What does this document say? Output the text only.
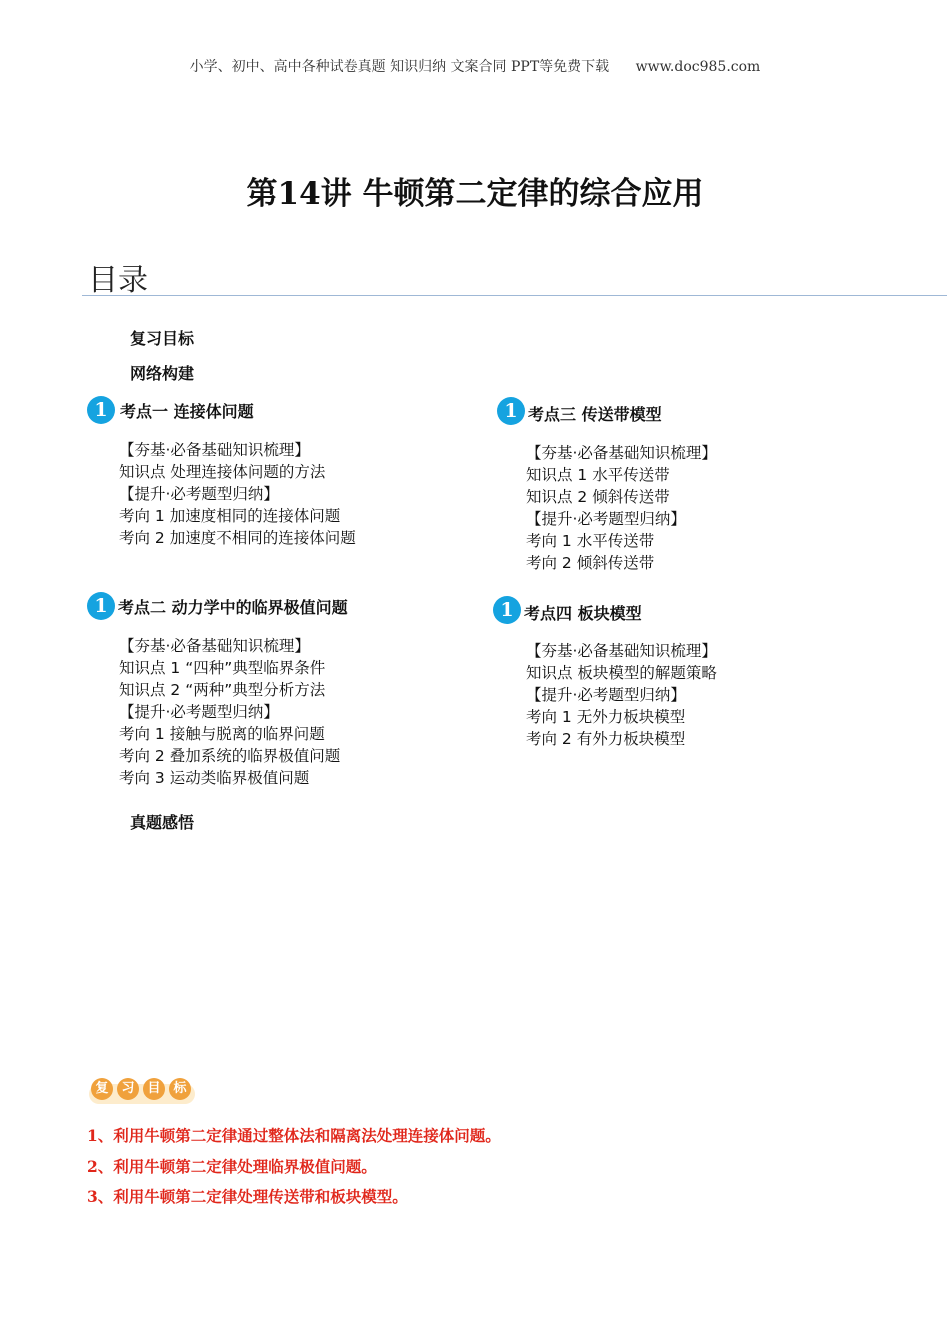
小学、初中、高中各种试卷真题 知识归纳 文案合同 PPT等免费下载 www.doc985.com
第14讲 牛顿第二定律的综合应用
目录
复习目标
网络构建
1 考点一 连接体问题
【夯基·必备基础知识梳理】
知识点 处理连接体问题的方法
【提升·必考题型归纳】
考向 1 加速度相同的连接体问题
考向 2 加速度不相同的连接体问题
1 考点二 动力学中的临界极值问题
【夯基·必备基础知识梳理】
知识点 1 “四种”典型临界条件
知识点 2 “两种”典型分析方法
【提升·必考题型归纳】
考向 1 接触与脱离的临界问题
考向 2 叠加系统的临界极值问题
考向 3 运动类临界极值问题
1 考点三 传送带模型
【夯基·必备基础知识梳理】
知识点 1 水平传送带
知识点 2 倾斜传送带
【提升·必考题型归纳】
考向 1 水平传送带
考向 2 倾斜传送带
1 考点四 板块模型
【夯基·必备基础知识梳理】
知识点 板块模型的解题策略
【提升·必考题型归纳】
考向 1 无外力板块模型
考向 2 有外力板块模型
真题感悟
复 习 目 标
1、利用牛顿第二定律通过整体法和隔离法处理连接体问题。
2、利用牛顿第二定律处理临界极值问题。
3、利用牛顿第二定律处理传送带和板块模型。
